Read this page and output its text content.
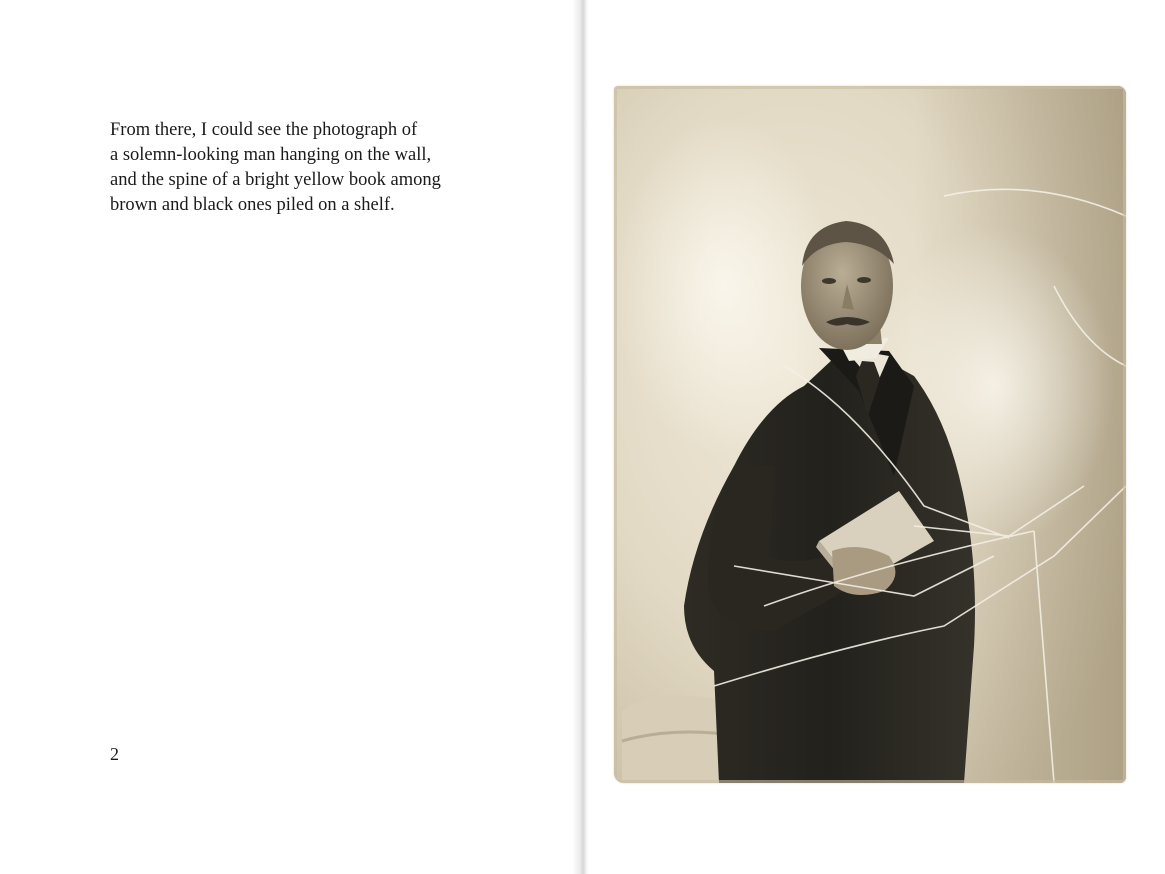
From there, I could see the photograph of
a solemn-looking man hanging on the wall,
and the spine of a bright yellow book among
brown and black ones piled on a shelf.

2
